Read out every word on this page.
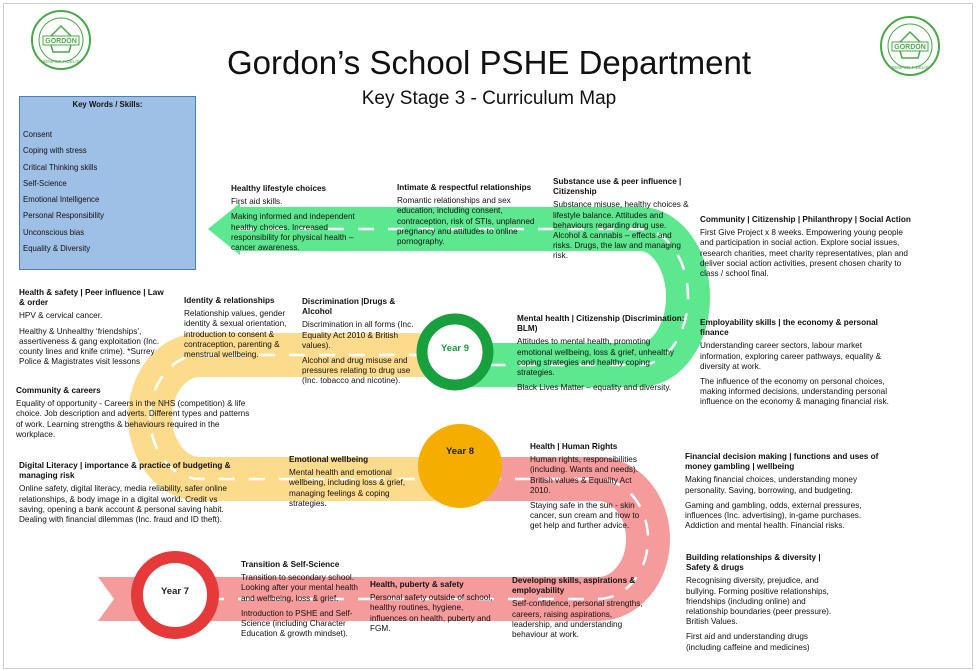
Year 9
Year 8
Year 7
GORDON
SEMPER FIDELIS
GORDON
SEMPER FIDELIS
Gordon’s School PSHE Department
Key Stage 3 - Curriculum Map
Key Words / Skills:
Consent
Coping with stress
Critical Thinking skills
Self-Science
Emotional Intelligence
Personal Responsibility
Unconscious bias
Equality & Diversity
Healthy lifestyle choices
First aid skills.
Making informed and independent healthy choices. Increased responsibility for physical health – cancer awareness.
Intimate & respectful relationships
Romantic relationships and sex education, including consent, contraception, risk of STIs, unplanned pregnancy and attitudes to online pornography.
Substance use & peer influence | Citizenship
Substance misuse, healthy choices & lifestyle balance. Attitudes and behaviours regarding drug use. Alcohol & cannabis – effects and risks. Drugs, the law and managing risk.
Community | Citizenship | Philanthropy | Social Action
First Give Project x 8 weeks. Empowering young people and participation in social action. Explore social issues, research charities, meet charity representatives, plan and deliver social action activities, present chosen charity to class / school final.
Employability skills | the economy & personal finance
Understanding career sectors, labour market information, exploring career pathways, equality & diversity at work.
The influence of the economy on personal choices, making informed decisions, understanding personal influence on the economy & managing financial risk.
Health & safety | Peer influence | Law & order
HPV & cervical cancer.
Healthy & Unhealthy ‘friendships’, assertiveness & gang exploitation (Inc. county lines and knife crime). *Surrey Police & Magistrates visit lessons
Identity & relationships
Relationship values, gender identity & sexual orientation, introduction to consent & contraception, parenting & menstrual wellbeing.
Discrimination |Drugs & Alcohol
Discrimination in all forms (Inc. Equality Act 2010 & British values).
Alcohol and drug misuse and pressures relating to drug use (Inc. tobacco and nicotine).
Mental health | Citizenship (Discrimination: BLM)
Attitudes to mental health, promoting emotional wellbeing, loss & grief, unhealthy coping strategies and healthy coping strategies.
Black Lives Matter – equality and diversity.
Community & careers
Equality of opportunity - Careers in the NHS (competition) & life choice. Job description and adverts. Different types and patterns of work. Learning strengths & behaviours required in the workplace.
Digital Literacy | importance & practice of budgeting & managing risk
Online safety, digital literacy, media reliability, safer online relationships, & body image in a digital world. Credit vs saving, opening a bank account & personal saving habit. Dealing with financial dilemmas (Inc. fraud and ID theft).
Emotional wellbeing
Mental health and emotional wellbeing, including loss & grief, managing feelings & coping strategies.
Health | Human Rights
Human rights, responsibilities (including. Wants and needs). British values & Equality Act 2010.
Staying safe in the sun - skin cancer, sun cream and how to get help and further advice.
Financial decision making | functions and uses of money gambling | wellbeing
Making financial choices, understanding money personality. Saving, borrowing, and budgeting.
Gaming and gambling, odds, external pressures, influences (Inc. advertising), in-game purchases. Addiction and mental health. Financial risks.
Transition & Self-Science
Transition to secondary school. Looking after your mental health and wellbeing, loss & grief.
Introduction to PSHE and Self-Science (including Character Education & growth mindset).
Health, puberty & safety
Personal safety outside of school, healthy routines, hygiene, influences on health, puberty and FGM.
Developing skills, aspirations & employability
Self-confidence, personal strengths, careers, raising aspirations, leadership, and understanding behaviour at work.
Building relationships & diversity | Safety & drugs
Recognising diversity, prejudice, and bullying. Forming positive relationships, friendships (including online) and relationship boundaries (peer pressure). British Values.
First aid and understanding drugs (including caffeine and medicines)
